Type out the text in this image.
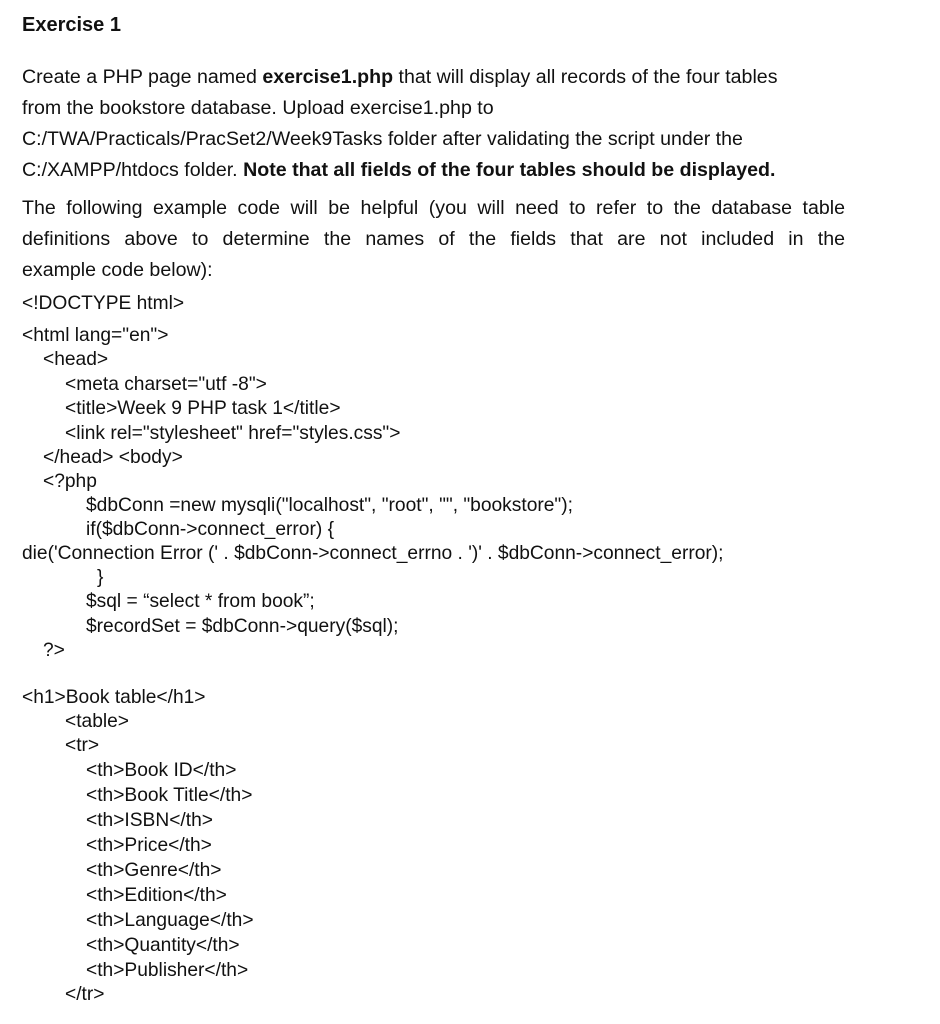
Exercise 1
Create a PHP page named exercise1.php that will display all records of the four tables
from the bookstore database. Upload exercise1.php to
C:/TWA/Practicals/PracSet2/Week9Tasks folder after validating the script under the
C:/XAMPP/htdocs folder. Note that all fields of the four tables should be displayed.
The following example code will be helpful (you will need to refer to the database table
definitions above to determine the names of the fields that are not included in the
example code below):
<!DOCTYPE html>
<html lang="en">
<head>
<meta charset="utf -8">
<title>Week 9 PHP task 1</title>
<link rel="stylesheet" href="styles.css">
</head> <body>
<?php
$dbConn =new mysqli("localhost", "root", "", "bookstore");
if($dbConn->connect_error) {
die('Connection Error (' . $dbConn->connect_errno . ')' . $dbConn->connect_error);
}
$sql = “select * from book”;
$recordSet = $dbConn->query($sql);
?>
<h1>Book table</h1>
<table>
<tr>
<th>Book ID</th>
<th>Book Title</th>
<th>ISBN</th>
<th>Price</th>
<th>Genre</th>
<th>Edition</th>
<th>Language</th>
<th>Quantity</th>
<th>Publisher</th>
</tr>
